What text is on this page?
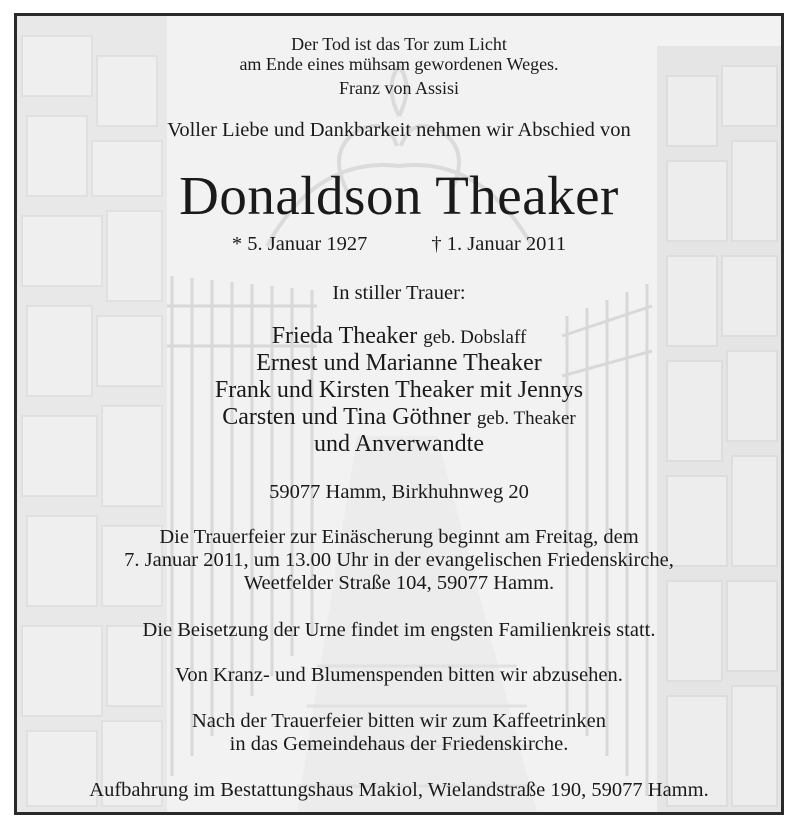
Der Tod ist das Tor zum Licht
am Ende eines mühsam gewordenen Weges.
Franz von Assisi
Voller Liebe und Dankbarkeit nehmen wir Abschied von
Donaldson Theaker
* 5. Januar 1927	† 1. Januar 2011
In stiller Trauer:
Frieda Theaker geb. Dobslaff
Ernest und Marianne Theaker
Frank und Kirsten Theaker mit Jennys
Carsten und Tina Göthner geb. Theaker
und Anverwandte
59077 Hamm, Birkhuhnweg 20
Die Trauerfeier zur Einäscherung beginnt am Freitag, dem
7. Januar 2011, um 13.00 Uhr in der evangelischen Friedenskirche,
Weetfelder Straße 104, 59077 Hamm.
Die Beisetzung der Urne findet im engsten Familienkreis statt.
Von Kranz- und Blumenspenden bitten wir abzusehen.
Nach der Trauerfeier bitten wir zum Kaffeetrinken
in das Gemeindehaus der Friedenskirche.
Aufbahrung im Bestattungshaus Makiol, Wielandstraße 190, 59077 Hamm.
